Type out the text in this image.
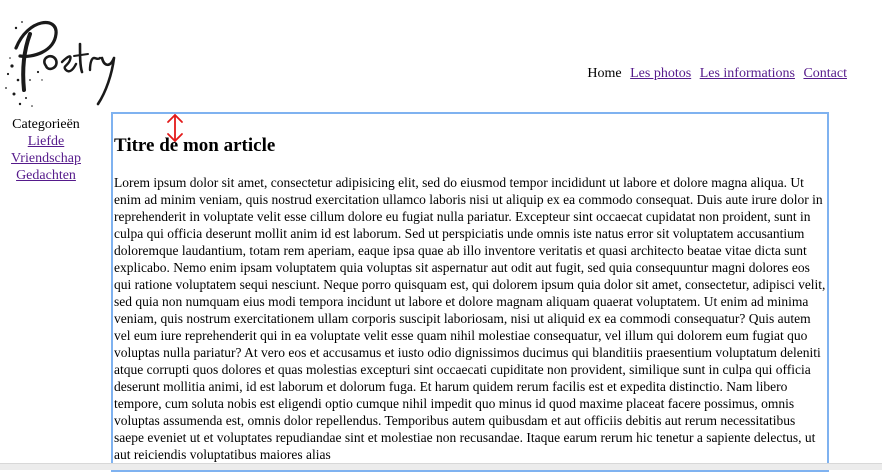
Home Les photos Les informations Contact
Categorieën
Liefde
Vriendschap
Gedachten
Titre de mon article

Lorem ipsum dolor sit amet, consectetur adipisicing elit, sed do eiusmod tempor incididunt ut labore et dolore magna aliqua. Ut enim ad minim veniam, quis nostrud exercitation ullamco laboris nisi ut aliquip ex ea commodo consequat. Duis aute irure dolor in reprehenderit in voluptate velit esse cillum dolore eu fugiat nulla pariatur. Excepteur sint occaecat cupidatat non proident, sunt in culpa qui officia deserunt mollit anim id est laborum. Sed ut perspiciatis unde omnis iste natus error sit voluptatem accusantium doloremque laudantium, totam rem aperiam, eaque ipsa quae ab illo inventore veritatis et quasi architecto beatae vitae dicta sunt explicabo. Nemo enim ipsam voluptatem quia voluptas sit aspernatur aut odit aut fugit, sed quia consequuntur magni dolores eos qui ratione voluptatem sequi nesciunt. Neque porro quisquam est, qui dolorem ipsum quia dolor sit amet, consectetur, adipisci velit, sed quia non numquam eius modi tempora incidunt ut labore et dolore magnam aliquam quaerat voluptatem. Ut enim ad minima veniam, quis nostrum exercitationem ullam corporis suscipit laboriosam, nisi ut aliquid ex ea commodi consequatur? Quis autem vel eum iure reprehenderit qui in ea voluptate velit esse quam nihil molestiae consequatur, vel illum qui dolorem eum fugiat quo voluptas nulla pariatur? At vero eos et accusamus et iusto odio dignissimos ducimus qui blanditiis praesentium voluptatum deleniti atque corrupti quos dolores et quas molestias excepturi sint occaecati cupiditate non provident, similique sunt in culpa qui officia deserunt mollitia animi, id est laborum et dolorum fuga. Et harum quidem rerum facilis est et expedita distinctio. Nam libero tempore, cum soluta nobis est eligendi optio cumque nihil impedit quo minus id quod maxime placeat facere possimus, omnis voluptas assumenda est, omnis dolor repellendus. Temporibus autem quibusdam et aut officiis debitis aut rerum necessitatibus saepe eveniet ut et voluptates repudiandae sint et molestiae non recusandae. Itaque earum rerum hic tenetur a sapiente delectus, ut aut reiciendis voluptatibus maiores alias
